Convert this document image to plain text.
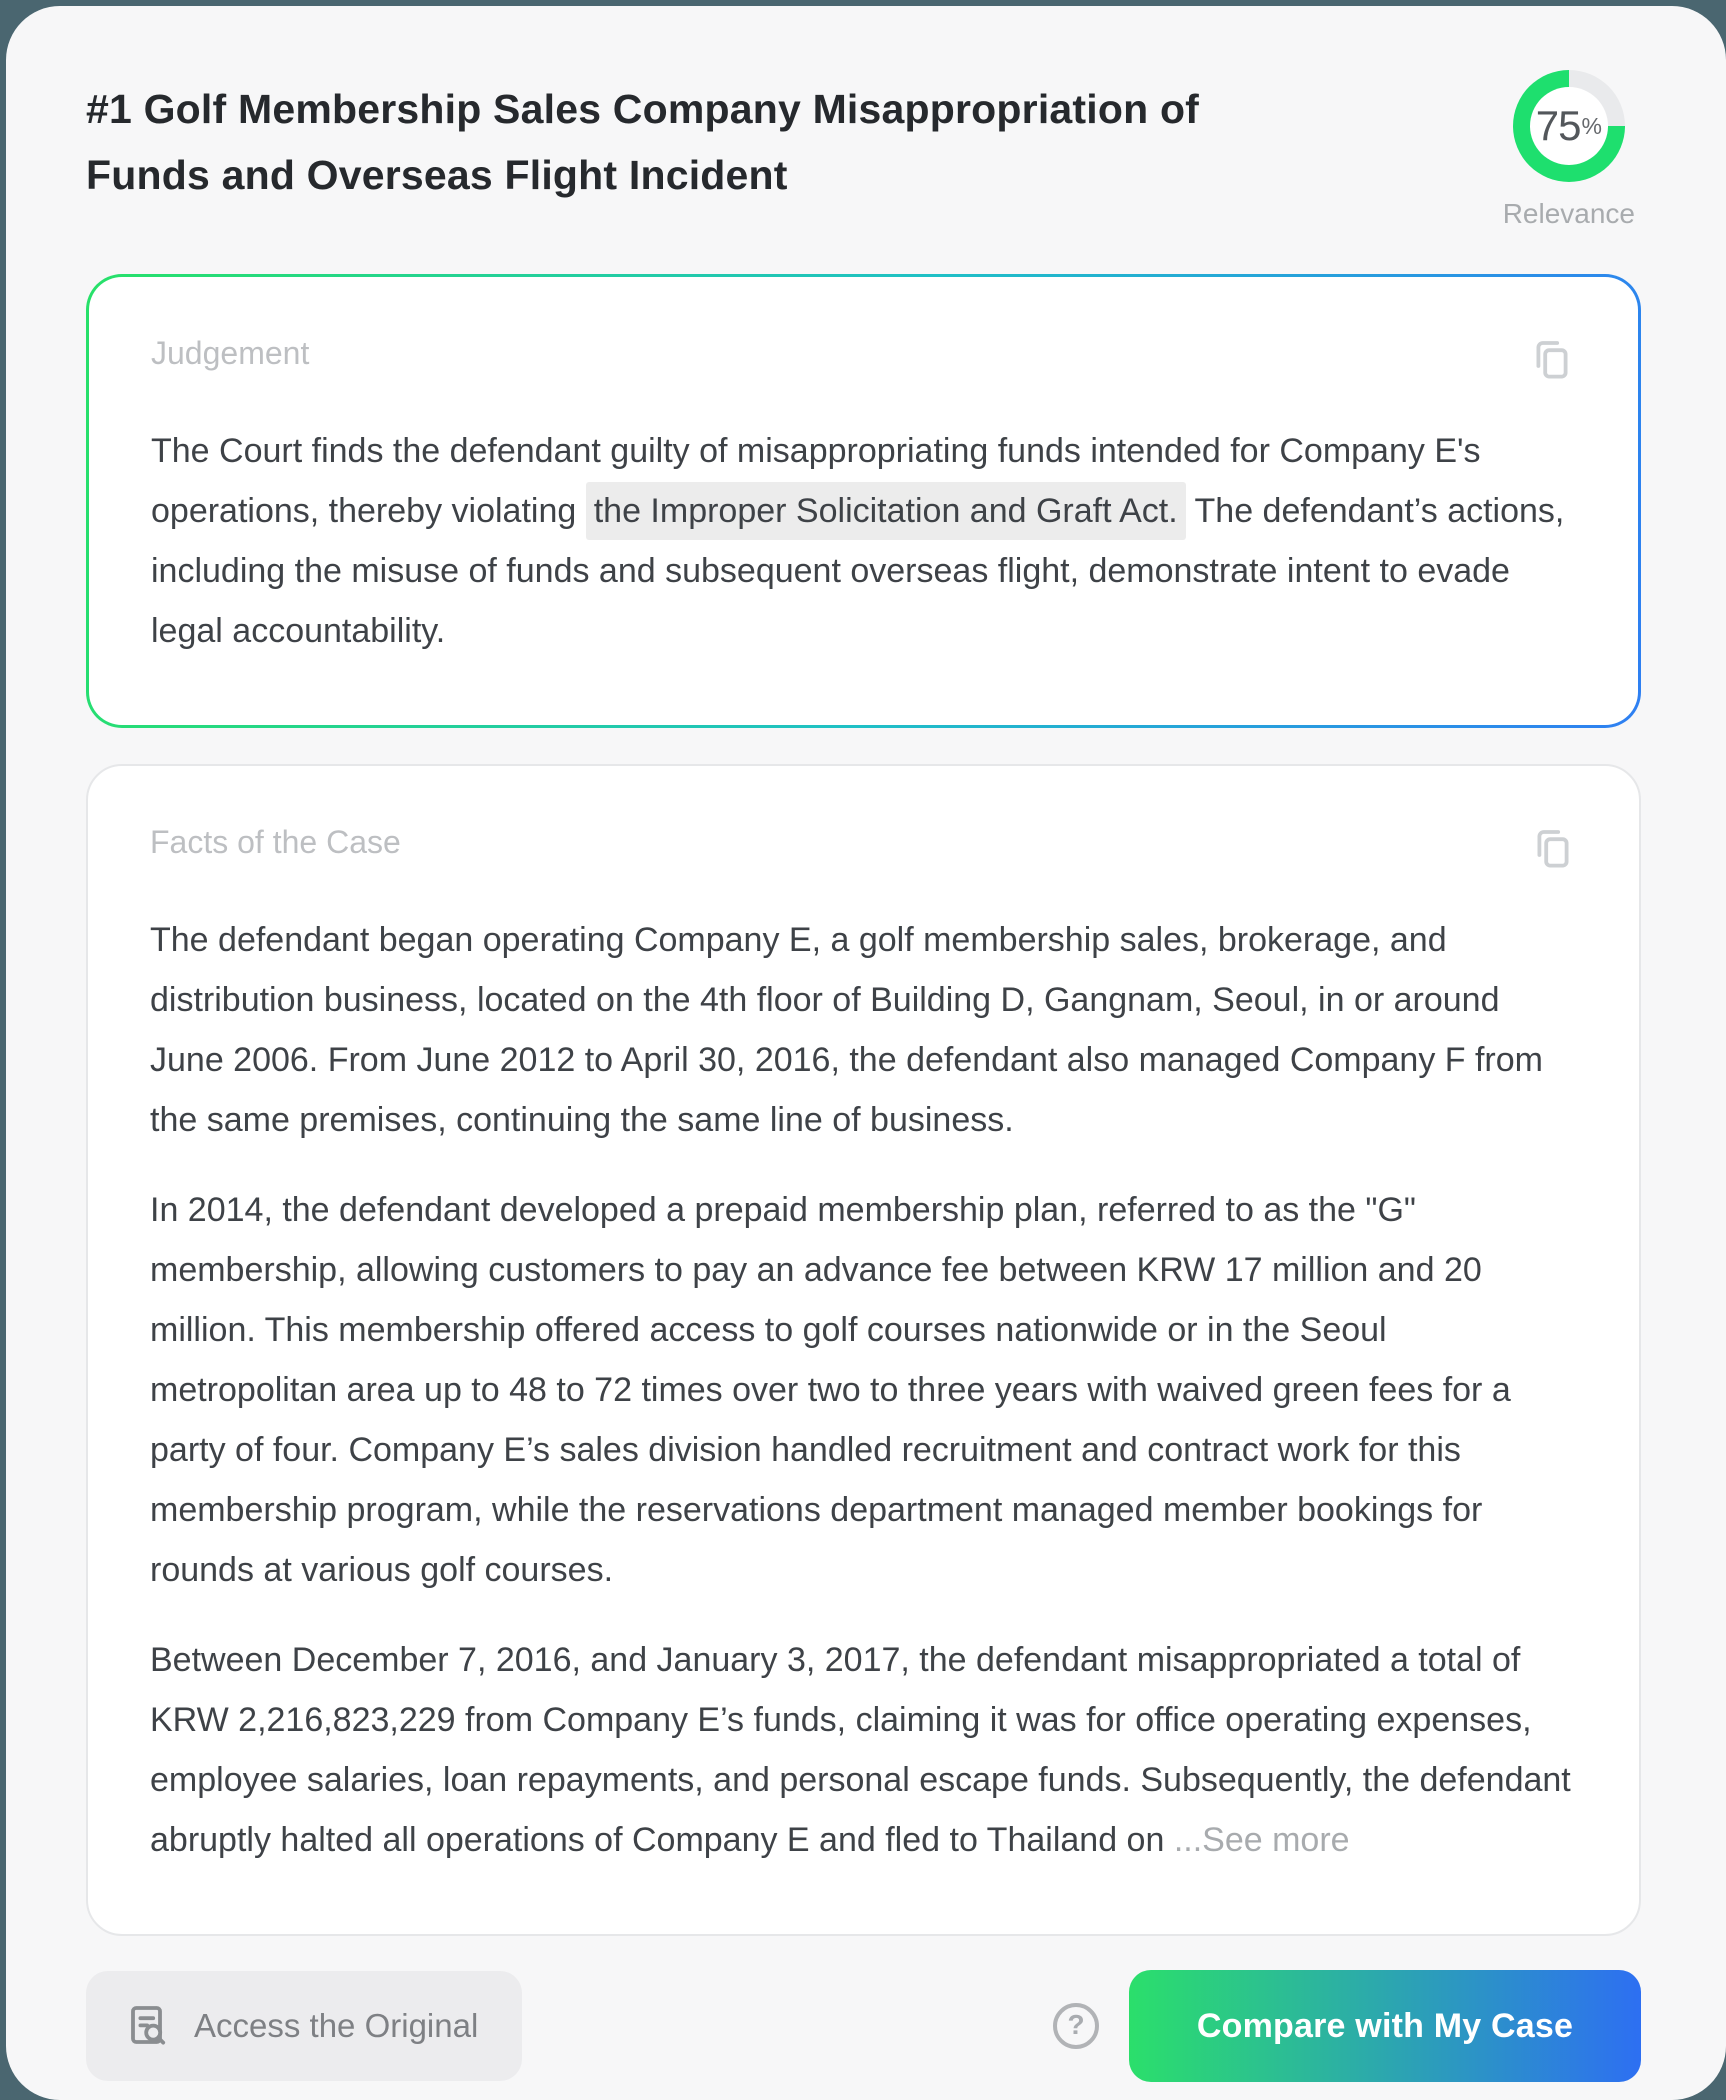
#1 Golf Membership Sales Company Misappropriation of Funds and Overseas Flight Incident
75 %
Relevance
Judgement

The Court finds the defendant guilty of misappropriating funds intended for Company E's operations, thereby violating the Improper Solicitation and Graft Act. The defendant’s actions, including the misuse of funds and subsequent overseas flight, demonstrate intent to evade legal accountability.

Facts of the Case

The defendant began operating Company E, a golf membership sales, brokerage, and distribution business, located on the 4th floor of Building D, Gangnam, Seoul, in or around June 2006. From June 2012 to April 30, 2016, the defendant also managed Company F from the same premises, continuing the same line of business.

In 2014, the defendant developed a prepaid membership plan, referred to as the "G" membership, allowing customers to pay an advance fee between KRW 17 million and 20 million. This membership offered access to golf courses nationwide or in the Seoul metropolitan area up to 48 to 72 times over two to three years with waived green fees for a party of four. Company E’s sales division handled recruitment and contract work for this membership program, while the reservations department managed member bookings for rounds at various golf courses.

Between December 7, 2016, and January 3, 2017, the defendant misappropriated a total of KRW 2,216,823,229 from Company E’s funds, claiming it was for office operating expenses, employee salaries, loan repayments, and personal escape funds. Subsequently, the defendant abruptly halted all operations of Company E and fled to Thailand on ...See more

Access the Original	?	Compare with My Case
